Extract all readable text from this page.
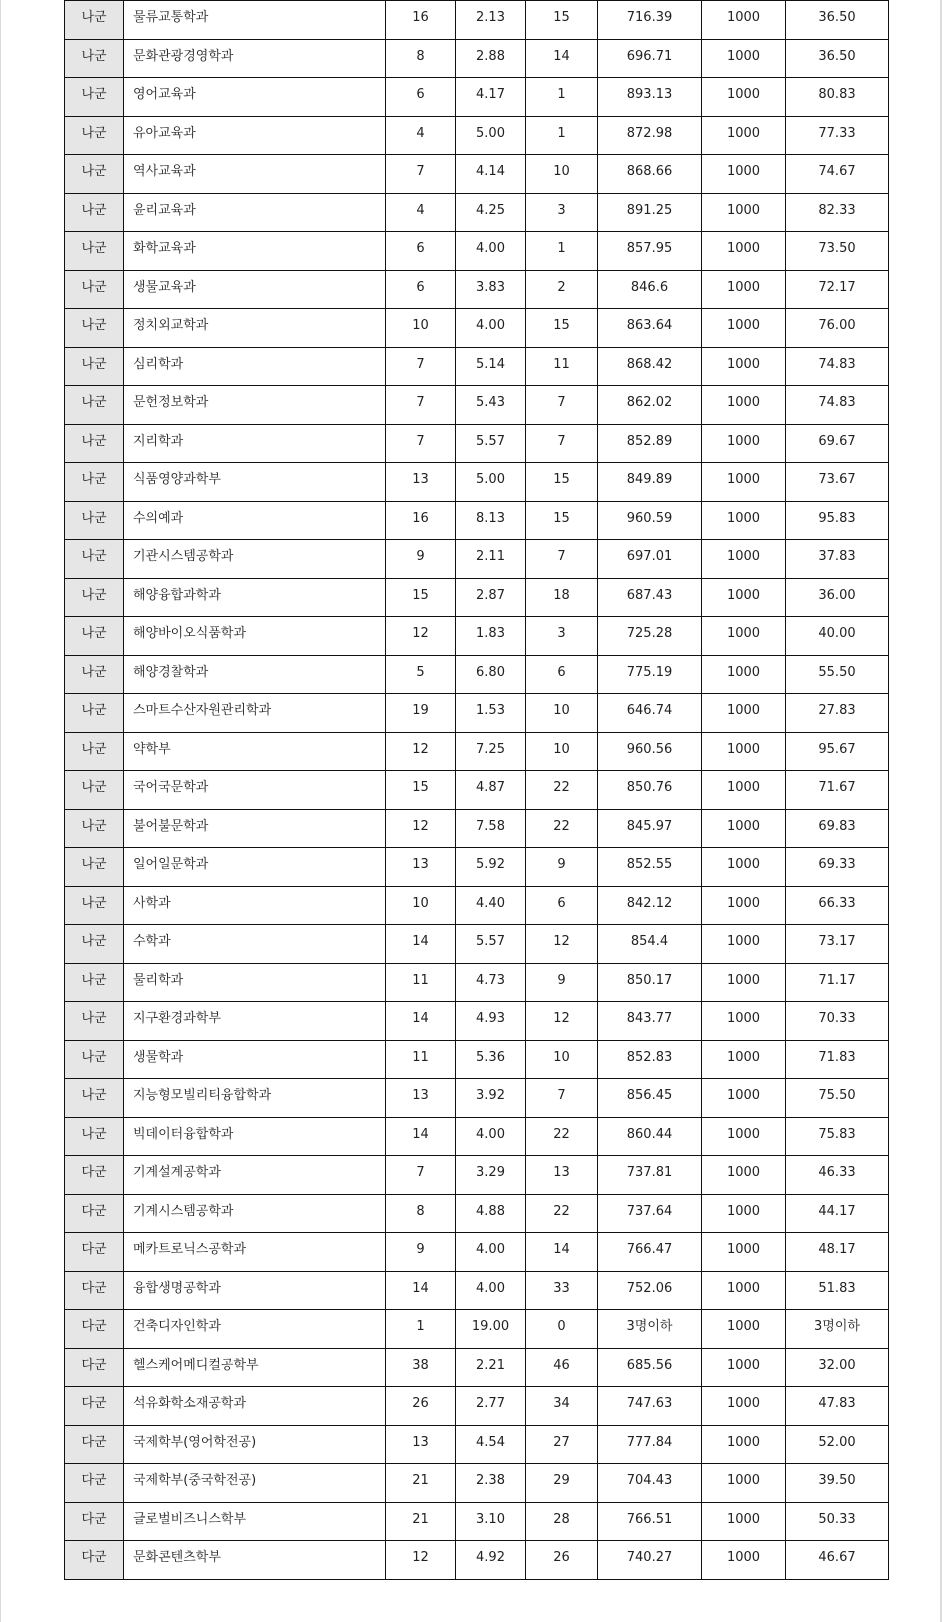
나군	물류교통학과	16	2.13	15	716.39	1000	36.50
나군	문화관광경영학과	8	2.88	14	696.71	1000	36.50
나군	영어교육과	6	4.17	1	893.13	1000	80.83
나군	유아교육과	4	5.00	1	872.98	1000	77.33
나군	역사교육과	7	4.14	10	868.66	1000	74.67
나군	윤리교육과	4	4.25	3	891.25	1000	82.33
나군	화학교육과	6	4.00	1	857.95	1000	73.50
나군	생물교육과	6	3.83	2	846.6	1000	72.17
나군	정치외교학과	10	4.00	15	863.64	1000	76.00
나군	심리학과	7	5.14	11	868.42	1000	74.83
나군	문헌정보학과	7	5.43	7	862.02	1000	74.83
나군	지리학과	7	5.57	7	852.89	1000	69.67
나군	식품영양과학부	13	5.00	15	849.89	1000	73.67
나군	수의예과	16	8.13	15	960.59	1000	95.83
나군	기관시스템공학과	9	2.11	7	697.01	1000	37.83
나군	해양융합과학과	15	2.87	18	687.43	1000	36.00
나군	해양바이오식품학과	12	1.83	3	725.28	1000	40.00
나군	해양경찰학과	5	6.80	6	775.19	1000	55.50
나군	스마트수산자원관리학과	19	1.53	10	646.74	1000	27.83
나군	약학부	12	7.25	10	960.56	1000	95.67
나군	국어국문학과	15	4.87	22	850.76	1000	71.67
나군	불어불문학과	12	7.58	22	845.97	1000	69.83
나군	일어일문학과	13	5.92	9	852.55	1000	69.33
나군	사학과	10	4.40	6	842.12	1000	66.33
나군	수학과	14	5.57	12	854.4	1000	73.17
나군	물리학과	11	4.73	9	850.17	1000	71.17
나군	지구환경과학부	14	4.93	12	843.77	1000	70.33
나군	생물학과	11	5.36	10	852.83	1000	71.83
나군	지능형모빌리티융합학과	13	3.92	7	856.45	1000	75.50
나군	빅데이터융합학과	14	4.00	22	860.44	1000	75.83
다군	기계설계공학과	7	3.29	13	737.81	1000	46.33
다군	기계시스템공학과	8	4.88	22	737.64	1000	44.17
다군	메카트로닉스공학과	9	4.00	14	766.47	1000	48.17
다군	융합생명공학과	14	4.00	33	752.06	1000	51.83
다군	건축디자인학과	1	19.00	0	3명이하	1000	3명이하
다군	헬스케어메디컬공학부	38	2.21	46	685.56	1000	32.00
다군	석유화학소재공학과	26	2.77	34	747.63	1000	47.83
다군	국제학부(영어학전공)	13	4.54	27	777.84	1000	52.00
다군	국제학부(중국학전공)	21	2.38	29	704.43	1000	39.50
다군	글로벌비즈니스학부	21	3.10	28	766.51	1000	50.33
다군	문화콘텐츠학부	12	4.92	26	740.27	1000	46.67
